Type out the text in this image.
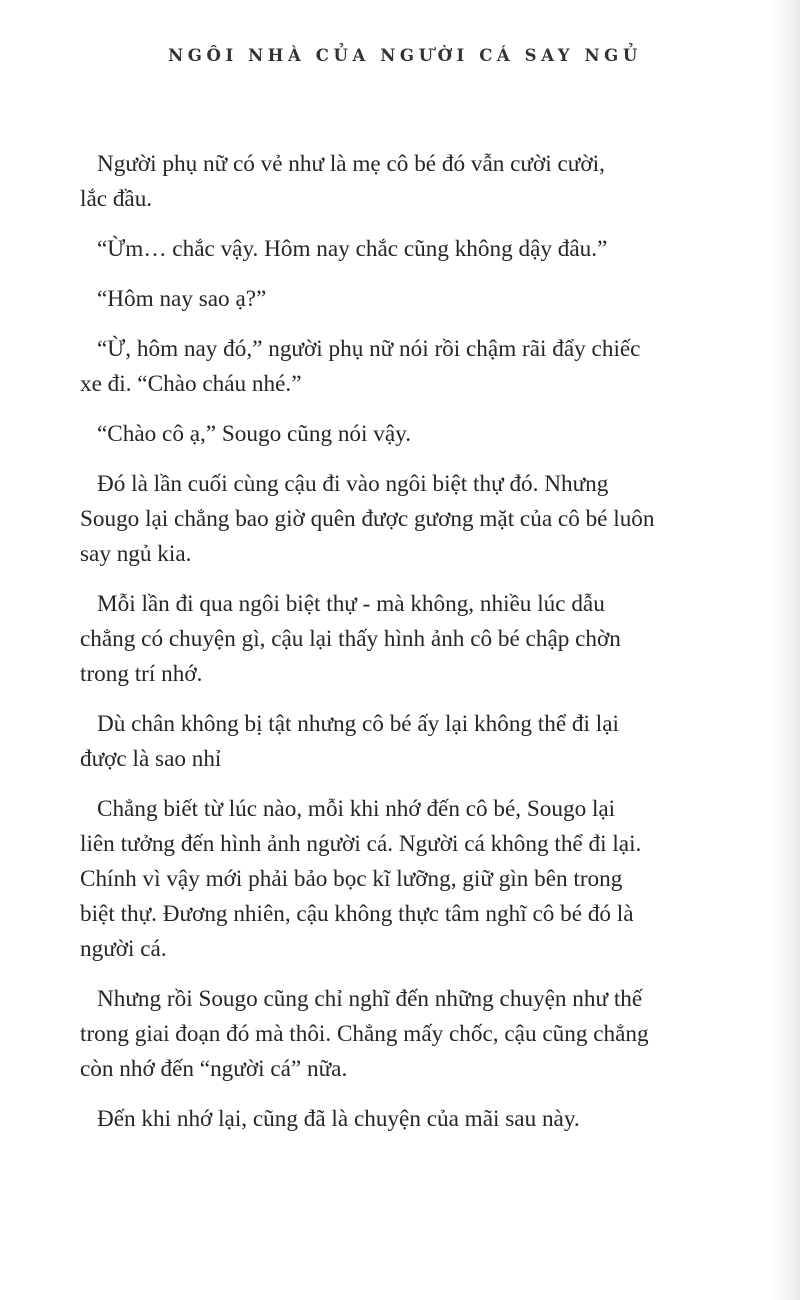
NGÔI NHÀ CỦA NGƯỜI CÁ SAY NGỦ

Người phụ nữ có vẻ như là mẹ cô bé đó vẫn cười cười,
lắc đầu.

“Ừm… chắc vậy. Hôm nay chắc cũng không dậy đâu.”

“Hôm nay sao ạ?”

“Ừ, hôm nay đó,” người phụ nữ nói rồi chậm rãi đẩy chiếc
xe đi. “Chào cháu nhé.”

“Chào cô ạ,” Sougo cũng nói vậy.

Đó là lần cuối cùng cậu đi vào ngôi biệt thự đó. Nhưng
Sougo lại chẳng bao giờ quên được gương mặt của cô bé luôn
say ngủ kia.

Mỗi lần đi qua ngôi biệt thự - mà không, nhiều lúc dẫu
chẳng có chuyện gì, cậu lại thấy hình ảnh cô bé chập chờn
trong trí nhớ.

Dù chân không bị tật nhưng cô bé ấy lại không thể đi lại
được là sao nhỉ

Chẳng biết từ lúc nào, mỗi khi nhớ đến cô bé, Sougo lại
liên tưởng đến hình ảnh người cá. Người cá không thể đi lại.
Chính vì vậy mới phải bảo bọc kĩ lưỡng, giữ gìn bên trong
biệt thự. Đương nhiên, cậu không thực tâm nghĩ cô bé đó là
người cá.

Nhưng rồi Sougo cũng chỉ nghĩ đến những chuyện như thế
trong giai đoạn đó mà thôi. Chẳng mấy chốc, cậu cũng chẳng
còn nhớ đến “người cá” nữa.

Đến khi nhớ lại, cũng đã là chuyện của mãi sau này.
